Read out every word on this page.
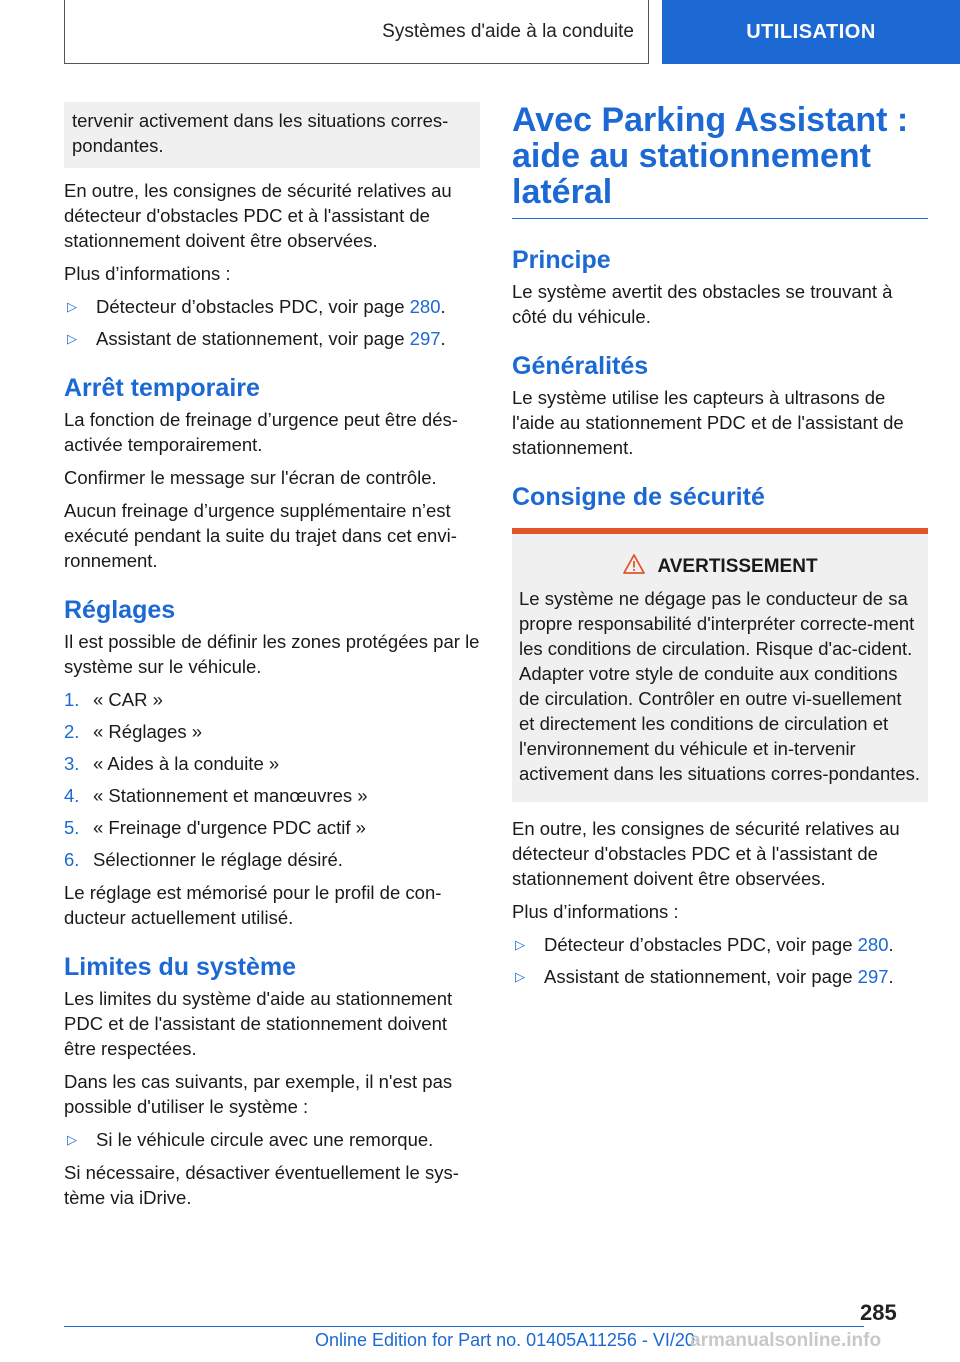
Systèmes d'aide à la conduite	UTILISATION

tervenir activement dans les situations corres-pondantes.

En outre, les consignes de sécurité relatives au détecteur d'obstacles PDC et à l'assistant de stationnement doivent être observées.

Plus d’informations :

▷	Détecteur d’obstacles PDC, voir page 280.
▷	Assistant de stationnement, voir page 297.
Arrêt temporaire

La fonction de freinage d’urgence peut être dés-activée temporairement.

Confirmer le message sur l'écran de contrôle.

Aucun freinage d’urgence supplémentaire n’est exécuté pendant la suite du trajet dans cet envi-ronnement.

Réglages

Il est possible de définir les zones protégées par le système sur le véhicule.

1. « CAR »
2. « Réglages »
3. « Aides à la conduite »
4. « Stationnement et manœuvres »
5. « Freinage d'urgence PDC actif »
6. Sélectionner le réglage désiré.

Le réglage est mémorisé pour le profil de con-ducteur actuellement utilisé.

Limites du système

Les limites du système d'aide au stationnement PDC et de l'assistant de stationnement doivent être respectées.

Dans les cas suivants, par exemple, il n'est pas possible d'utiliser le système :

▷	Si le véhicule circule avec une remorque.

Si nécessaire, désactiver éventuellement le sys-tème via iDrive.

Avec Parking Assistant : aide au stationnement latéral
Principe

Le système avertit des obstacles se trouvant à côté du véhicule.

Généralités

Le système utilise les capteurs à ultrasons de l'aide au stationnement PDC et de l'assistant de stationnement.

Consigne de sécurité
AVERTISSEMENT

Le système ne dégage pas le conducteur de sa propre responsabilité d'interpréter correcte-ment les conditions de circulation. Risque d'ac-cident. Adapter votre style de conduite aux conditions de circulation. Contrôler en outre vi-suellement et directement les conditions de circulation et l'environnement du véhicule et in-tervenir activement dans les situations corres-pondantes.

En outre, les consignes de sécurité relatives au détecteur d'obstacles PDC et à l'assistant de stationnement doivent être observées.

Plus d’informations :

▷	Détecteur d’obstacles PDC, voir page 280.
▷	Assistant de stationnement, voir page 297.
285
Online Edition for Part no. 01405A11256 - VI/20
armanualsonline.info
